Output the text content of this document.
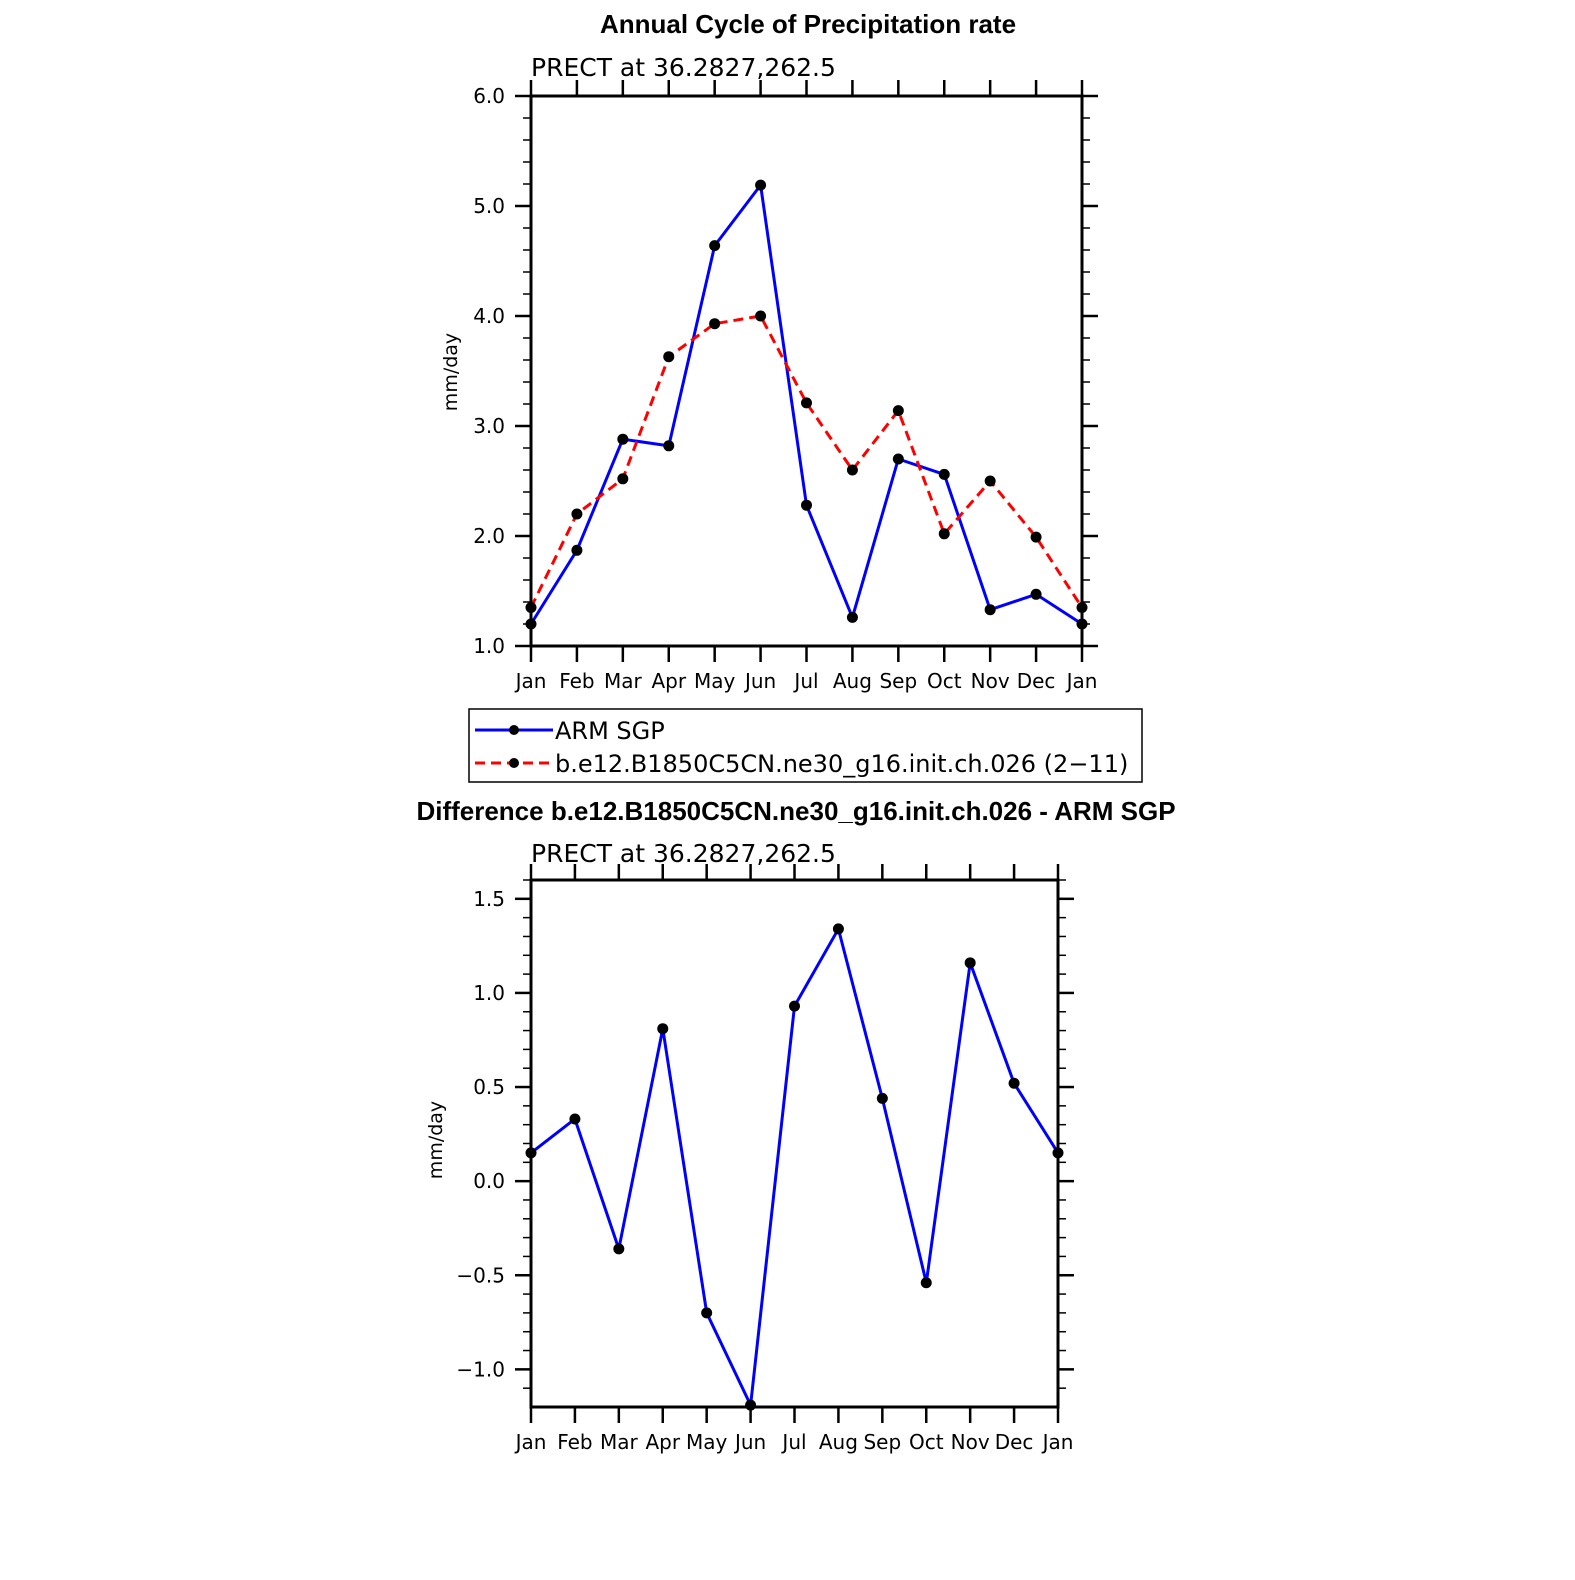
Annual Cycle of Precipitation rate
PRECT at 36.2827,262.5
mm/day
1.0
2.0
3.0
4.0
5.0
6.0
Jan Feb Mar Apr May Jun Jul Aug Sep Oct Nov Dec Jan
ARM SGP
b.e12.B1850C5CN.ne30_g16.init.ch.026 (2−11)
Difference b.e12.B1850C5CN.ne30_g16.init.ch.026 - ARM SGP
PRECT at 36.2827,262.5
mm/day
−1.0
−0.5
0.0
0.5
1.0
1.5
Jan Feb Mar Apr May Jun Jul Aug Sep Oct Nov Dec Jan
